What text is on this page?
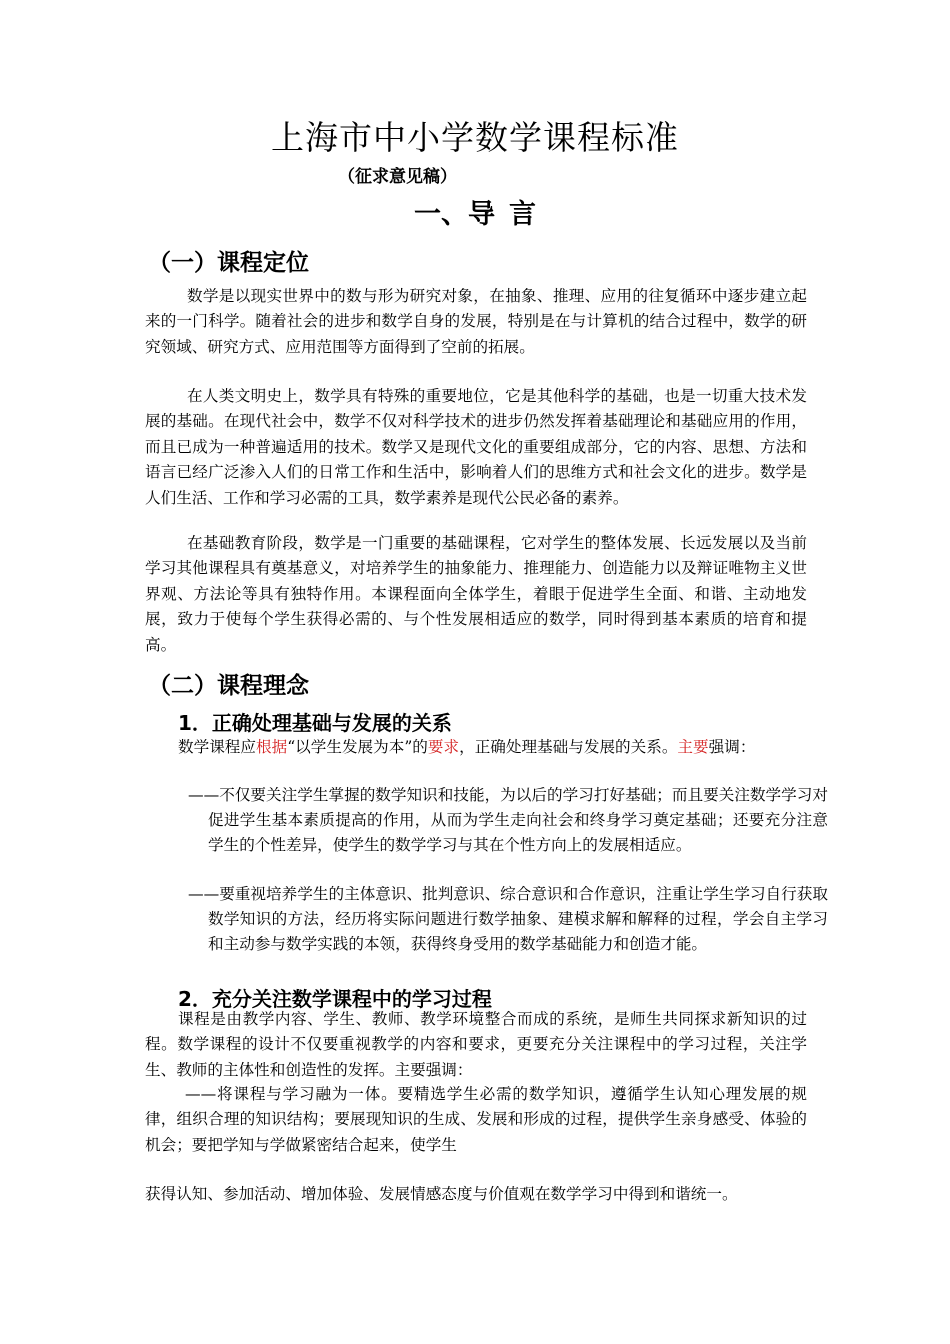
上海市中小学数学课程标准
（征求意见稿）
一、导 言
（一）课程定位

数学是以现实世界中的数与形为研究对象，在抽象、推理、应用的往复循环中逐步建立起来的一门科学。随着社会的进步和数学自身的发展，特别是在与计算机的结合过程中，数学的研究领域、研究方式、应用范围等方面得到了空前的拓展。

在人类文明史上，数学具有特殊的重要地位，它是其他科学的基础，也是一切重大技术发展的基础。在现代社会中，数学不仅对科学技术的进步仍然发挥着基础理论和基础应用的作用，而且已成为一种普遍适用的技术。数学又是现代文化的重要组成部分，它的内容、思想、方法和语言已经广泛渗入人们的日常工作和生活中，影响着人们的思维方式和社会文化的进步。数学是人们生活、工作和学习必需的工具，数学素养是现代公民必备的素养。

在基础教育阶段，数学是一门重要的基础课程，它对学生的整体发展、长远发展以及当前学习其他课程具有奠基意义，对培养学生的抽象能力、推理能力、创造能力以及辩证唯物主义世界观、方法论等具有独特作用。本课程面向全体学生，着眼于促进学生全面、和谐、主动地发展，致力于使每个学生获得必需的、与个性发展相适应的数学，同时得到基本素质的培育和提高。

（二）课程理念
1．正确处理基础与发展的关系

数学课程应根据“以学生发展为本”的要求，正确处理基础与发展的关系。主要强调：

——不仅要关注学生掌握的数学知识和技能，为以后的学习打好基础；而且要关注数学学习对促进学生基本素质提高的作用，从而为学生走向社会和终身学习奠定基础；还要充分注意学生的个性差异，使学生的数学学习与其在个性方向上的发展相适应。

——要重视培养学生的主体意识、批判意识、综合意识和合作意识，注重让学生学习自行获取数学知识的方法，经历将实际问题进行数学抽象、建模求解和解释的过程，学会自主学习和主动参与数学实践的本领，获得终身受用的数学基础能力和创造才能。

2．充分关注数学课程中的学习过程

课程是由教学内容、学生、教师、教学环境整合而成的系统，是师生共同探求新知识的过程。数学课程的设计不仅要重视教学的内容和要求，更要充分关注课程中的学习过程，关注学生、教师的主体性和创造性的发挥。主要强调：

——将课程与学习融为一体。要精选学生必需的数学知识，遵循学生认知心理发展的规律，组织合理的知识结构；要展现知识的生成、发展和形成的过程，提供学生亲身感受、体验的机会；要把学知与学做紧密结合起来，使学生

获得认知、参加活动、增加体验、发展情感态度与价值观在数学学习中得到和谐统一。
